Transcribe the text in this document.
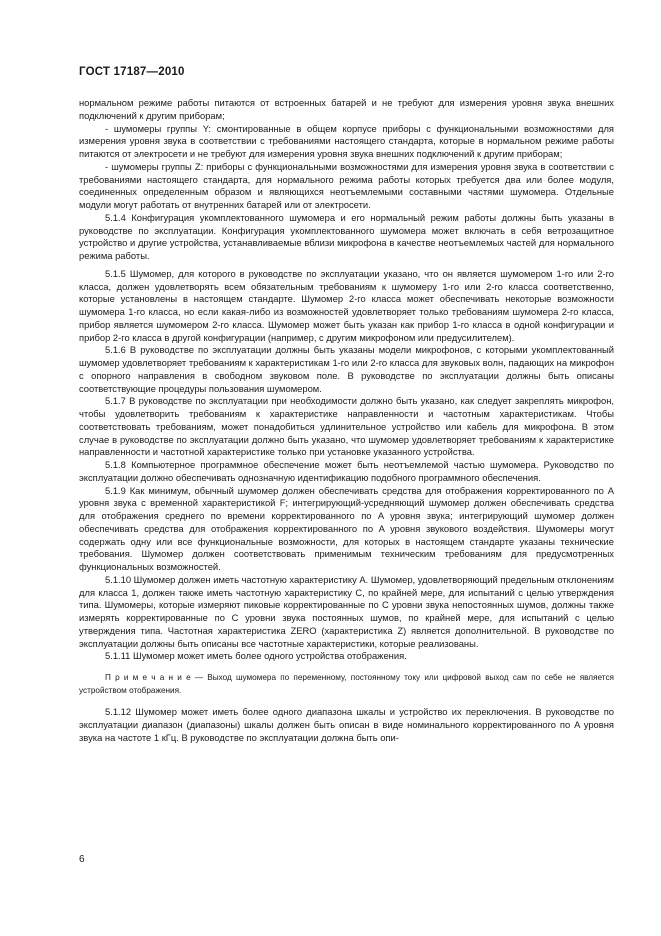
ГОСТ 17187—2010

нормальном режиме работы питаются от встроенных батарей и не требуют для измерения уровня звука внешних подключений к другим приборам;

- шумомеры группы Y: смонтированные в общем корпусе приборы с функциональными возможностями для измерения уровня звука в соответствии с требованиями настоящего стандарта, которые в нормальном режиме работы питаются от электросети и не требуют для измерения уровня звука внешних подключений к другим приборам;

- шумомеры группы Z: приборы с функциональными возможностями для измерения уровня звука в соответствии с требованиями настоящего стандарта, для нормального режима работы которых требуется два или более модуля, соединенных определенным образом и являющихся неотъемлемыми составными частями шумомера. Отдельные модули могут работать от внутренних батарей или от электросети.

5.1.4 Конфигурация укомплектованного шумомера и его нормальный режим работы должны быть указаны в руководстве по эксплуатации. Конфигурация укомплектованного шумомера может включать в себя ветрозащитное устройство и другие устройства, устанавливаемые вблизи микрофона в качестве неотъемлемых частей для нормального режима работы.

5.1.5 Шумомер, для которого в руководстве по эксплуатации указано, что он является шумомером 1-го или 2-го класса, должен удовлетворять всем обязательным требованиям к шумомеру 1-го или 2-го класса соответственно, которые установлены в настоящем стандарте. Шумомер 2-го класса может обеспечивать некоторые возможности шумомера 1-го класса, но если какая-либо из возможностей удовлетворяет только требованиям шумомера 2-го класса, прибор является шумомером 2-го класса. Шумомер может быть указан как прибор 1-го класса в одной конфигурации и прибор 2-го класса в другой конфигурации (например, с другим микрофоном или предусилителем).

5.1.6 В руководстве по эксплуатации должны быть указаны модели микрофонов, с которыми укомплектованный шумомер удовлетворяет требованиям к характеристикам 1-го или 2-го класса для звуковых волн, падающих на микрофон с опорного направления в свободном звуковом поле. В руководстве по эксплуатации должны быть описаны соответствующие процедуры пользования шумомером.

5.1.7 В руководстве по эксплуатации при необходимости должно быть указано, как следует закреплять микрофон, чтобы удовлетворить требованиям к характеристике направленности и частотным характеристикам. Чтобы соответствовать требованиям, может понадобиться удлинительное устройство или кабель для микрофона. В этом случае в руководстве по эксплуатации должно быть указано, что шумомер удовлетворяет требованиям к характеристике направленности и частотной характеристике только при установке указанного устройства.

5.1.8 Компьютерное программное обеспечение может быть неотъемлемой частью шумомера. Руководство по эксплуатации должно обеспечивать однозначную идентификацию подобного программного обеспечения.

5.1.9 Как минимум, обычный шумомер должен обеспечивать средства для отображения корректированного по A уровня звука с временной характеристикой F; интегрирующий-усредняющий шумомер должен обеспечивать средства для отображения среднего по времени корректированного по A уровня звука; интегрирующий шумомер должен обеспечивать средства для отображения корректированного по A уровня звукового воздействия. Шумомеры могут содержать одну или все функциональные возможности, для которых в настоящем стандарте указаны технические требования. Шумомер должен соответствовать применимым техническим требованиям для предусмотренных функциональных возможностей.

5.1.10 Шумомер должен иметь частотную характеристику A. Шумомер, удовлетворяющий предельным отклонениям для класса 1, должен также иметь частотную характеристику C, по крайней мере, для испытаний с целью утверждения типа. Шумомеры, которые измеряют пиковые корректированные по C уровни звука непостоянных шумов, должны также измерять корректированные по C уровни звука постоянных шумов, по крайней мере, для испытаний с целью утверждения типа. Частотная характеристика ZERO (характеристика Z) является дополнительной. В руководстве по эксплуатации должны быть описаны все частотные характеристики, которые реализованы.

5.1.11 Шумомер может иметь более одного устройства отображения.

П р и м е ч а н и е — Выход шумомера по переменному, постоянному току или цифровой выход сам по себе не является устройством отображения.

5.1.12 Шумомер может иметь более одного диапазона шкалы и устройство их переключения. В руководстве по эксплуатации диапазон (диапазоны) шкалы должен быть описан в виде номинального корректированного по A уровня звука на частоте 1 кГц. В руководстве по эксплуатации должна быть опи-

6
